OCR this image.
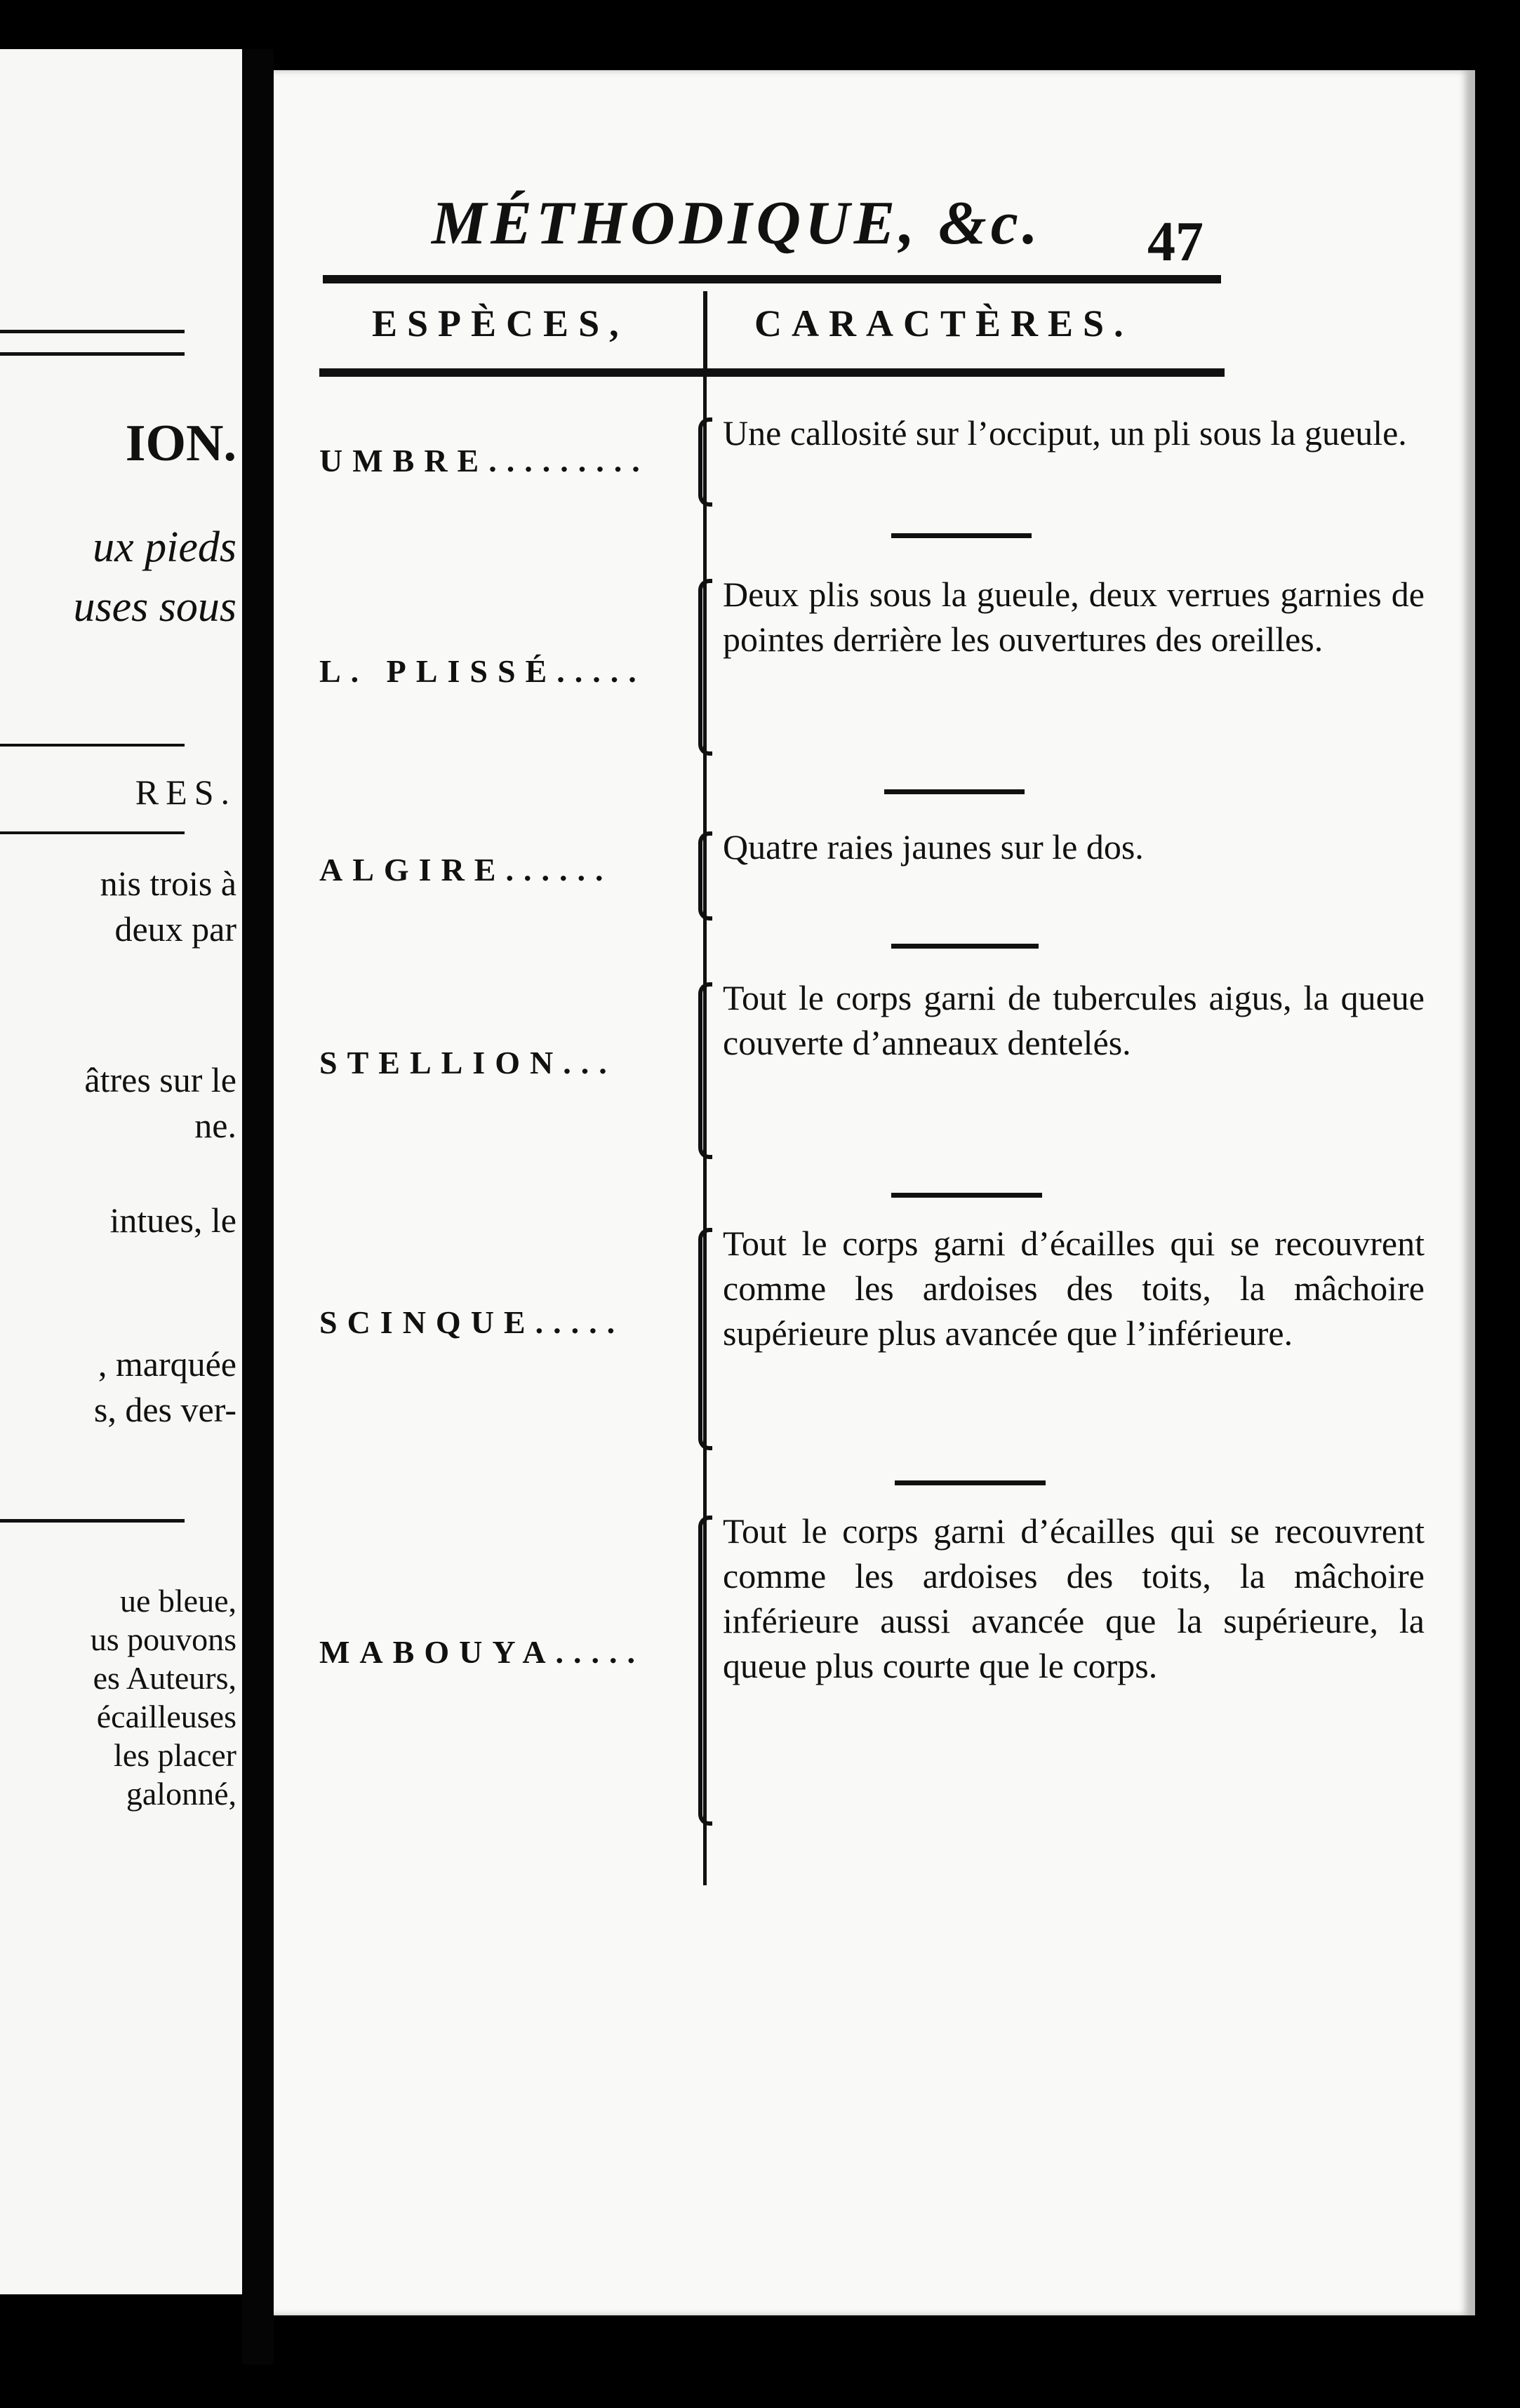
ION.
ux pieds
uses sous
RES.
nis trois à
deux par
âtres sur le
ne.
intues, le
, marquée
s, des ver-
ue bleue,
us pouvons
es Auteurs,
écailleuses
les placer
galonné,
MÉTHODIQUE, &c. 47
ESPÈCES,	CARACTÈRES.
UMBRE.........
Une callosité sur l’occiput, un pli sous la gueule.
L. PLISSÉ.....
Deux plis sous la gueule, deux verrues garnies de pointes derrière les ouvertures des oreilles.
ALGIRE......
Quatre raies jaunes sur le dos.
STELLION...
Tout le corps garni de tubercules aigus, la queue couverte d’anneaux dentelés.
SCINQUE.....
Tout le corps garni d’écailles qui se recouvrent comme les ardoises des toits, la mâchoire supérieure plus avancée que l’inférieure.
MABOUYA.....
Tout le corps garni d’écailles qui se recouvrent comme les ardoises des toits, la mâchoire inférieure aussi avancée que la supérieure, la queue plus courte que le corps.
